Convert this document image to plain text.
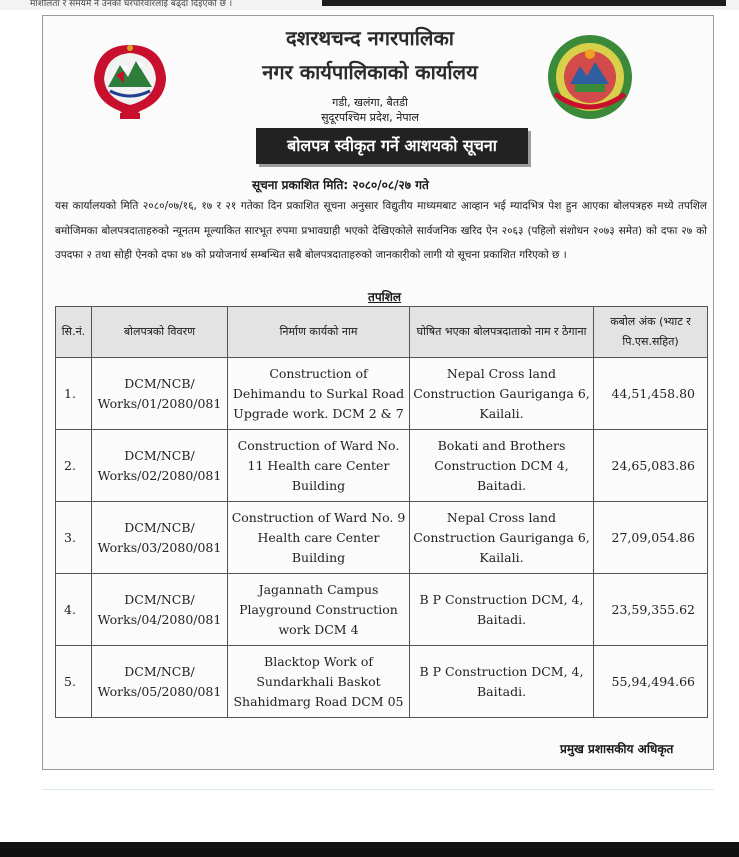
माशीलता र समयमै ने उनको घरपरिवारलाई बढ्दा दिइएको छ ।
दशरथचन्द नगरपालिका
नगर कार्यपालिकाको कार्यालय
गडी, खलंगा, बैतडी
सुदूरपश्चिम प्रदेश, नेपाल
बोलपत्र स्वीकृत गर्ने आशयको सूचना
सूचना प्रकाशित मिति: २०८०/०८/२७ गते

यस कार्यालयको मिति २०८०/०७/१६, १७ र २१ गतेका दिन प्रकाशित सूचना अनुसार विद्युतीय माध्यमबाट आव्हान भई म्यादभित्र पेश हुन आएका बोलपत्रहरु मध्ये तपशिल बमोजिमका बोलपत्रदाताहरुको न्यूनतम मूल्याकित सारभूत रुपमा प्रभावग्राही भएको देखिएकोले सार्वजनिक खरिद ऐन २०६३ (पहिलो संशोधन २०७३ समेत) को दफा २७ को उपदफा २ तथा सोही ऐनको दफा ४७ को प्रयोजनार्थ सम्बन्धित सबै बोलपत्रदाताहरुको जानकारीको लागी यो सूचना प्रकाशित गरिएको छ ।

तपशिल
सि.नं.	बोलपत्रको विवरण	निर्माण कार्यको नाम	घोषित भएका बोलपत्रदाताको नाम र ठेगाना	कबोल अंक (भ्याट र पि.एस.सहित)
1.	DCM/NCB/ Works/01/2080/081	Construction of Dehimandu to Surkal Road Upgrade work. DCM 2 & 7	Nepal Cross land Construction Gauriganga 6, Kailali.	44,51,458.80
2.	DCM/NCB/ Works/02/2080/081	Construction of Ward No. 11 Health care Center Building	Bokati and Brothers Construction DCM 4, Baitadi.	24,65,083.86
3.	DCM/NCB/ Works/03/2080/081	Construction of Ward No. 9 Health care Center Building	Nepal Cross land Construction Gauriganga 6, Kailali.	27,09,054.86
4.	DCM/NCB/ Works/04/2080/081	Jagannath Campus Playground Construction work DCM 4	B P Construction DCM, 4, Baitadi.	23,59,355.62
5.	DCM/NCB/ Works/05/2080/081	Blacktop Work of Sundarkhali Baskot Shahidmarg Road DCM 05	B P Construction DCM, 4, Baitadi.	55,94,494.66
प्रमुख प्रशासकीय अधिकृत
